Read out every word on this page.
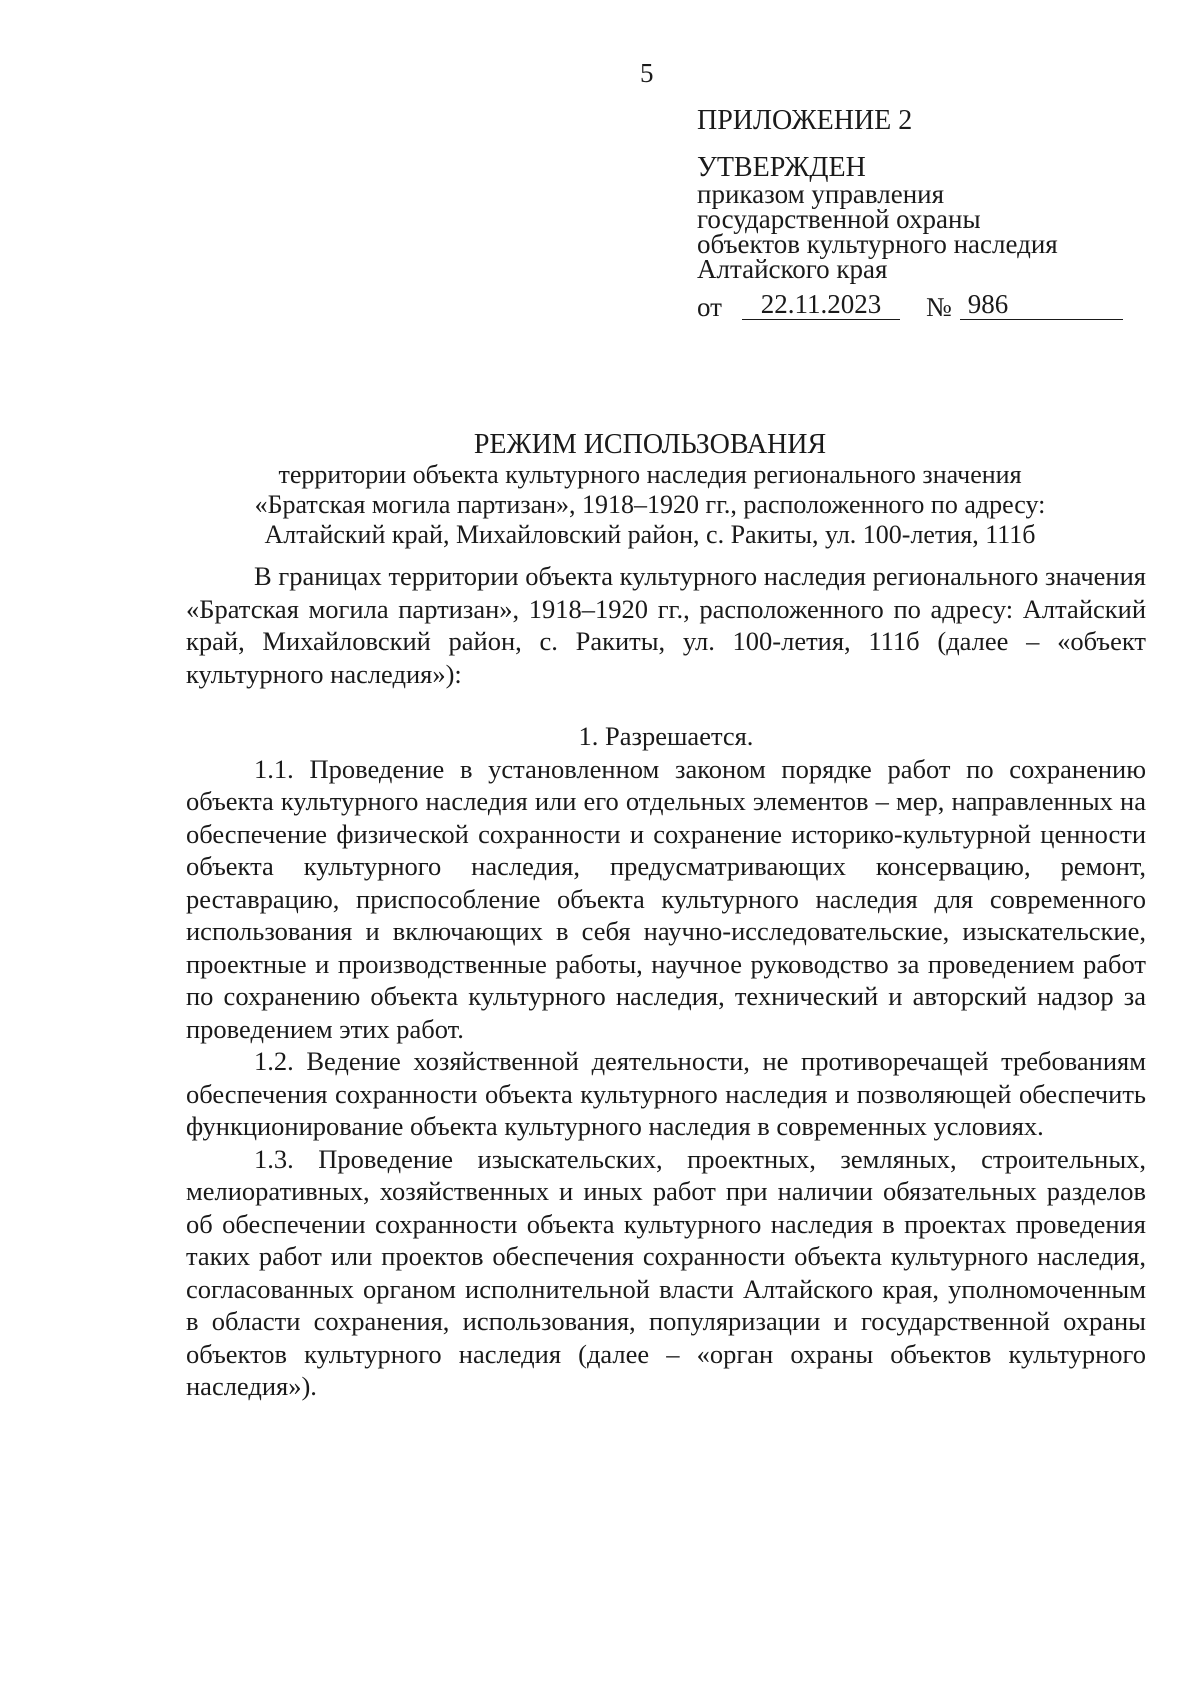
5
ПРИЛОЖЕНИЕ 2
УТВЕРЖДЕН
приказом управления
государственной охраны
объектов культурного наследия
Алтайского края
от	22.11.2023	№ 986
РЕЖИМ ИСПОЛЬЗОВАНИЯ
территории объекта культурного наследия регионального значения
«Братская могила партизан», 1918–1920 гг., расположенного по адресу:
Алтайский край, Михайловский район, с. Ракиты, ул. 100-летия, 111б

В границах территории объекта культурного наследия регионального значения «Братская могила партизан», 1918–1920 гг., расположенного по адресу: Алтайский край, Михайловский район, с. Ракиты, ул. 100-летия, 111б (далее – «объект культурного наследия»):

1. Разрешается.

1.1. Проведение в установленном законом порядке работ по сохранению объекта культурного наследия или его отдельных элементов – мер, направленных на обеспечение физической сохранности и сохранение историко-культурной ценности объекта культурного наследия, предусматривающих консервацию, ремонт, реставрацию, приспособление объекта культурного наследия для современного использования и включающих в себя научно-исследовательские, изыскательские, проектные и производственные работы, научное руководство за проведением работ по сохранению объекта культурного наследия, технический и авторский надзор за проведением этих работ.

1.2. Ведение хозяйственной деятельности, не противоречащей требованиям обеспечения сохранности объекта культурного наследия и позволяющей обеспечить функционирование объекта культурного наследия в современных условиях.

1.3. Проведение изыскательских, проектных, земляных, строительных, мелиоративных, хозяйственных и иных работ при наличии обязательных разделов об обеспечении сохранности объекта культурного наследия в проектах проведения таких работ или проектов обеспечения сохранности объекта культурного наследия, согласованных органом исполнительной власти Алтайского края, уполномоченным в области сохранения, использования, популяризации и государственной охраны объектов культурного наследия (далее – «орган охраны объектов культурного наследия»).
